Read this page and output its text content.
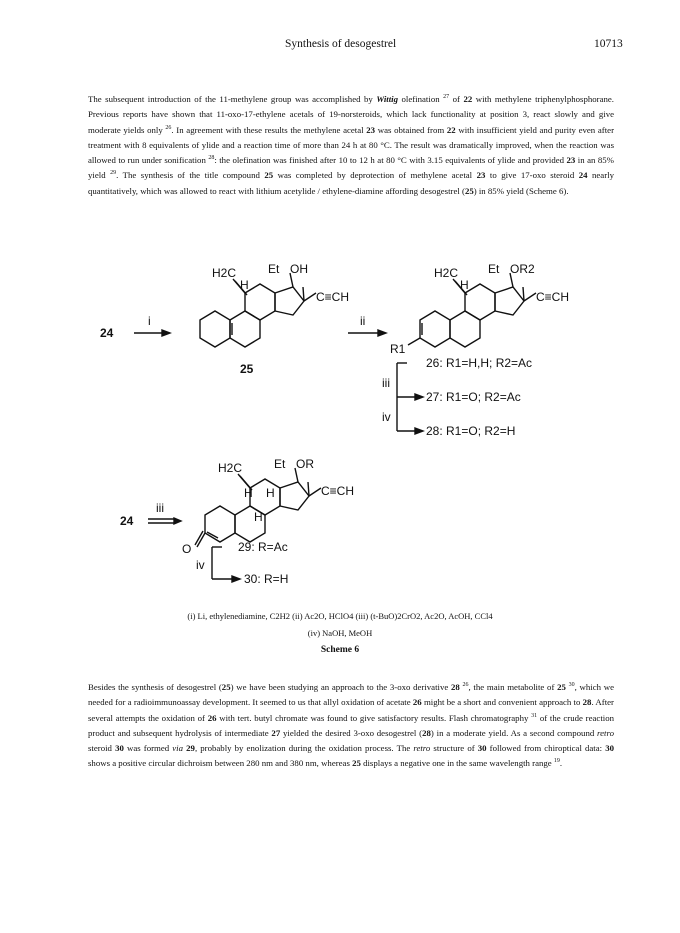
Synthesis of desogestrel	10713
The subsequent introduction of the 11-methylene group was accomplished by Wittig olefination $^{27}$ of 22 with methylene triphenylphosphorane. Previous reports have shown that 11-oxo-17-ethylene acetals of 19-norsteroids, which lack functionality at position 3, react slowly and give moderate yields only $^{26}$. In agreement with these results the methylene acetal 23 was obtained from 22 with insufficient yield and purity even after treatment with 8 equivalents of ylide and a reaction time of more than 24 h at 80 °C. The result was dramatically improved, when the reaction was allowed to run under sonification $^{28}$: the olefination was finished after 10 to 12 h at 80 °C with 3.15 equivalents of ylide and provided 23 in an 85% yield $^{29}$. The synthesis of the title compound 25 was completed by deprotection of methylene acetal 23 to give 17-oxo steroid 24 nearly quantitatively, which was allowed to react with lithium acetylide / ethylene-diamine affording desogestrel (25) in 85% yield (Scheme 6).
24
i
H2C	Et OH
C≡CH
H
25
ii
H2C Et OR2
C≡CH
H
R1
iii
iv
26: R1=H,H; R2=Ac
27: R1=O; R2=Ac
28: R1=O; R2=H
24
iii
H2C	Et OR
C≡CH
H H
H
O
iv
29: R=Ac
30: R=H
(i) Li, ethylenediamine, C2H2 (ii) Ac2O, HClO4 (iii) (t-BuO)2CrO2, Ac2O, AcOH, CCl4
(iv) NaOH, MeOH
Scheme 6
Besides the synthesis of desogestrel (25) we have been studying an approach to the 3-oxo derivative 28 $^{26}$, the main metabolite of 25 $^{30}$, which we needed for a radioimmunoassay development. It seemed to us that allyl oxidation of acetate 26 might be a short and convenient approach to 28. After several attempts the oxidation of 26 with tert. butyl chromate was found to give satisfactory results. Flash chromatography $^{31}$ of the crude reaction product and subsequent hydrolysis of intermediate 27 yielded the desired 3-oxo desogestrel (28) in a moderate yield. As a second compound retro steroid 30 was formed via 29, probably by enolization during the oxidation process. The retro structure of 30 followed from chiroptical data: 30 shows a positive circular dichroism between 280 nm and 380 nm, whereas 25 displays a negative one in the same wavelength range $^{19}$.
